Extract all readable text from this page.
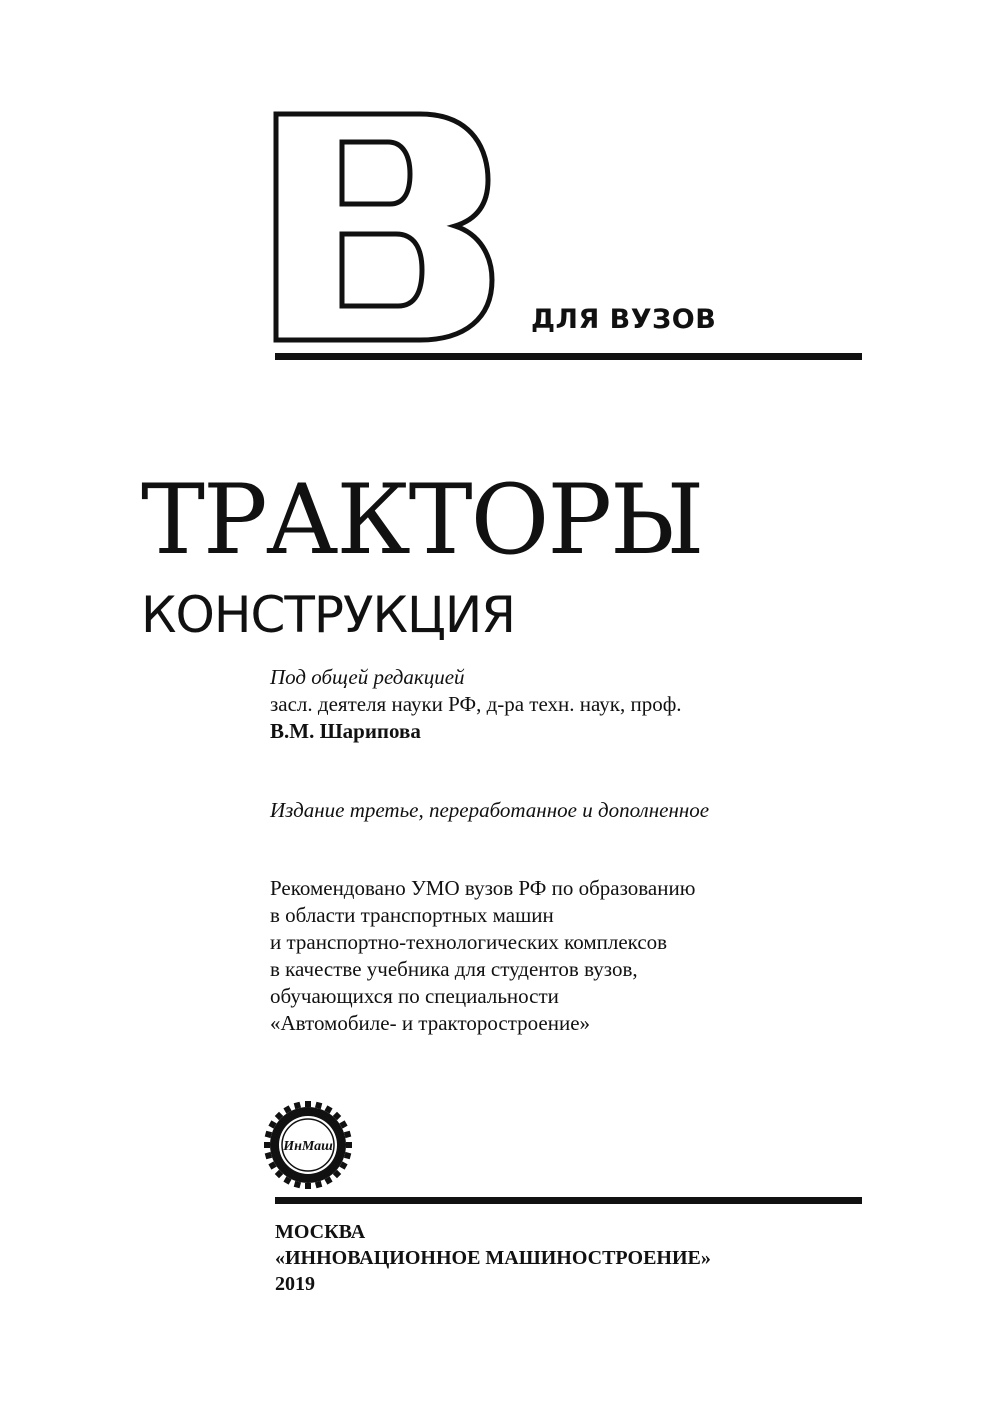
ДЛЯ ВУЗОВ
ТРАКТОРЫ
КОНСТРУКЦИЯ
Под общей редакцией
засл. деятеля науки РФ, д-ра техн. наук, проф.
В.М. Шарипова
Издание третье, переработанное и дополненное
Рекомендовано УМО вузов РФ по образованию
в области транспортных машин
и транспортно-технологических комплексов
в качестве учебника для студентов вузов,
обучающихся по специальности
«Автомобиле- и тракторостроение»
ИнМаш
МОСКВА
«ИННОВАЦИОННОЕ МАШИНОСТРОЕНИЕ»
2019
